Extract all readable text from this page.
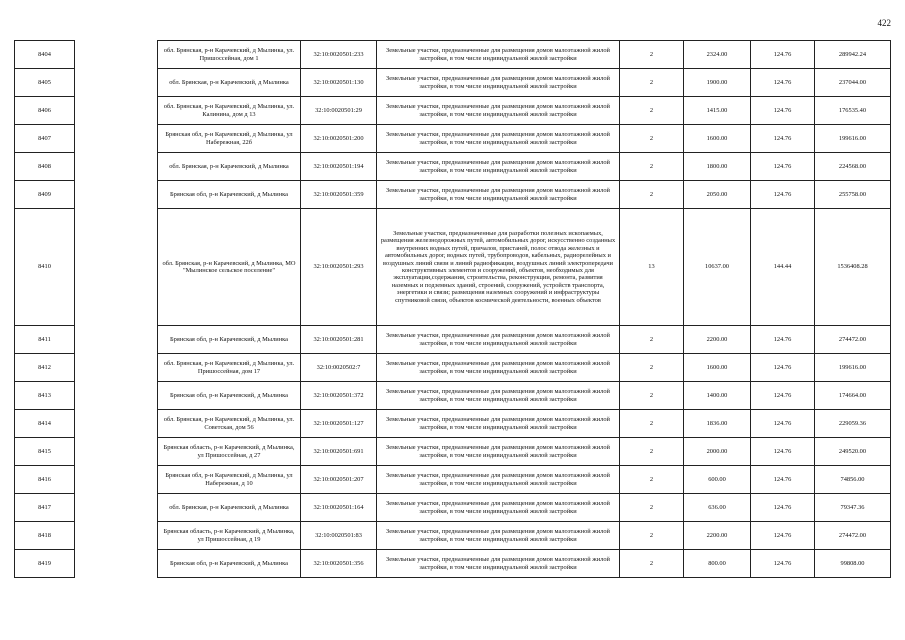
422
8404		обл. Брянская, р-н Карачевский, д Мылинка, ул. Пришоссейная, дом 1	32:10:0020501:233	Земельные участки, предназначенные для размещения домов малоэтажной жилой застройки, в том числе индивидуальной жилой застройки	2	2324.00	124.76	289942.24
8405		обл. Брянская, р-н Карачевский, д Мылинка	32:10:0020501:130	Земельные участки, предназначенные для размещения домов малоэтажной жилой застройки, в том числе индивидуальной жилой застройки	2	1900.00	124.76	237044.00
8406		обл. Брянская, р-н Карачевский, д Мылинка, ул. Калинина, дом д 13	32:10:0020501:29	Земельные участки, предназначенные для размещения домов малоэтажной жилой застройки, в том числе индивидуальной жилой застройки	2	1415.00	124.76	176535.40
8407		Брянская обл, р-н Карачевский, д Мылинка, ул Набережная, 22б	32:10:0020501:200	Земельные участки, предназначенные для размещения домов малоэтажной жилой застройки, в том числе индивидуальной жилой застройки	2	1600.00	124.76	199616.00
8408		обл. Брянская, р-н Карачевский, д Мылинка	32:10:0020501:194	Земельные участки, предназначенные для размещения домов малоэтажной жилой застройки, в том числе индивидуальной жилой застройки	2	1800.00	124.76	224568.00
8409		Брянская обл, р-н Карачевский, д Мылинка	32:10:0020501:359	Земельные участки, предназначенные для размещения домов малоэтажной жилой застройки, в том числе индивидуальной жилой застройки	2	2050.00	124.76	255758.00
8410		обл. Брянская, р-н Карачевский, д Мылинка, МО "Мылинское сельское поселение"	32:10:0020501:293	Земельные участки, предназначенные для разработки полезных ископаемых, размещения железнодорожных путей, автомобильных дорог, искусственно созданных внутренних водных путей, причалов, пристаней, полос отвода железных и автомобильных дорог, водных путей, трубопроводов, кабельных, радиорелейных и воздушных линий связи и линий радиофикации, воздушных линий электропередачи конструктивных элементов и сооружений, объектов, необходимых для эксплуатации,содержания, строительства, реконструкции, ремонта, развития наземных и подземных зданий, строений, сооружений, устройств транспорта, энергетики и связи; размещения наземных сооружений и инфраструктуры спутниковой связи, объектов космической деятельности, военных объектов	13	10637.00	144.44	1536408.28
8411		Брянская обл, р-н Карачевский, д Мылинка	32:10:0020501:281	Земельные участки, предназначенные для размещения домов малоэтажной жилой застройки, в том числе индивидуальной жилой застройки	2	2200.00	124.76	274472.00
8412		обл. Брянская, р-н Карачевский, д Мылинка, ул. Пришоссейная, дом 17	32:10:0020502:7	Земельные участки, предназначенные для размещения домов малоэтажной жилой застройки, в том числе индивидуальной жилой застройки	2	1600.00	124.76	199616.00
8413		Брянская обл, р-н Карачевский, д Мылинка	32:10:0020501:372	Земельные участки, предназначенные для размещения домов малоэтажной жилой застройки, в том числе индивидуальной жилой застройки	2	1400.00	124.76	174664.00
8414		обл. Брянская, р-н Карачевский, д Мылинка, ул. Советская, дом 56	32:10:0020501:127	Земельные участки, предназначенные для размещения домов малоэтажной жилой застройки, в том числе индивидуальной жилой застройки	2	1836.00	124.76	229059.36
8415		Брянская область, р-н Карачевский, д Мылинка, ул Пришоссейная, д 27	32:10:0020501:691	Земельные участки, предназначенные для размещения домов малоэтажной жилой застройки, в том числе индивидуальной жилой застройки	2	2000.00	124.76	249520.00
8416		Брянская обл, р-н Карачевский, д Мылинка, ул Набережная, д 10	32:10:0020501:207	Земельные участки, предназначенные для размещения домов малоэтажной жилой застройки, в том числе индивидуальной жилой застройки	2	600.00	124.76	74856.00
8417		обл. Брянская, р-н Карачевский, д Мылинка	32:10:0020501:164	Земельные участки, предназначенные для размещения домов малоэтажной жилой застройки, в том числе индивидуальной жилой застройки	2	636.00	124.76	79347.36
8418		Брянская область, р-н Карачевский, д Мылинка, ул Пришоссейная, д 19	32:10:0020501:83	Земельные участки, предназначенные для размещения домов малоэтажной жилой застройки, в том числе индивидуальной жилой застройки	2	2200.00	124.76	274472.00
8419		Брянская обл, р-н Карачевский, д Мылинка	32:10:0020501:356	Земельные участки, предназначенные для размещения домов малоэтажной жилой застройки, в том числе индивидуальной жилой застройки	2	800.00	124.76	99808.00
